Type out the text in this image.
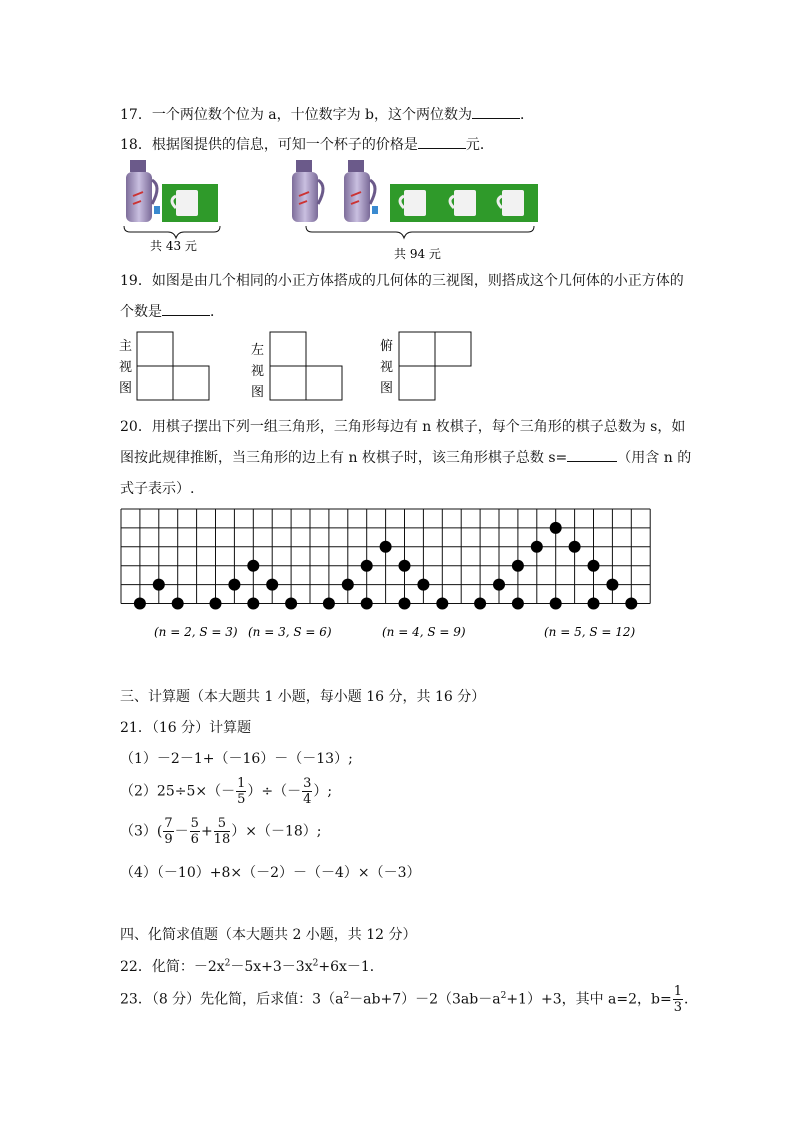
17．一个两位数个位为 a，十位数字为 b，这个两位数为	．
18．根据图提供的信息，可知一个杯子的价格是	元．
共 43 元
共 94 元
19．如图是由几个相同的小正方体搭成的几何体的三视图，则搭成这个几何体的小正方体的
个数是	．
主
视
图
左
视
图
俯
视
图
20．用棋子摆出下列一组三角形，三角形每边有 n 枚棋子，每个三角形的棋子总数为 s，如
图按此规律推断，当三角形的边上有 n 枚棋子时，该三角形棋子总数 s=	（用含 n 的
式子表示）.
(n = 2, S = 3) (n = 3, S = 6)	(n = 4, S = 9)	(n = 5, S = 12)
三、计算题（本大题共 1 小题，每小题 16 分，共 16 分）
21．（16 分）计算题
（1）－2－1+（－16）－（－13）;
$(2)25\div 5\times(- \frac{1}{5}$ ）÷（－ $\frac{3}{4}$ ）;
$(3)( \frac{7}{9} - \frac{5}{6} + \frac{5}{18} )\times(-18)$;
（4）（－10）+8×（－2）－（－4）×（－3）
四、化简求值题（本大题共 2 小题，共 12 分）
22．化简：$-2x^2-5x+3-3x^2+6x-1$．
23．（8 分）先化简，后求值：$3(a^2-ab+7)-2(3ab-a^2+1)+3$，其中 a=2，$b= \frac{1}{3}$ ．
